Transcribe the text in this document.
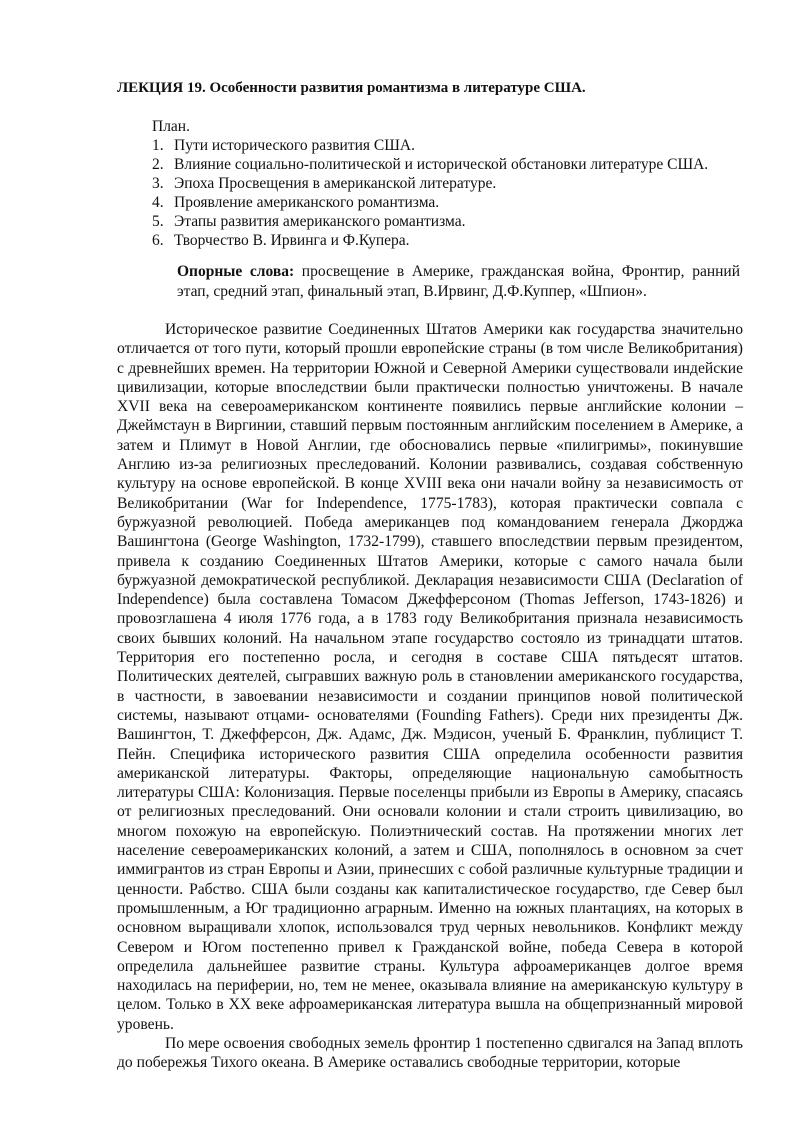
ЛЕКЦИЯ 19. Особенности развития романтизма в литературе США.

План.

1. Пути исторического развития США.
2. Влияние социально-политической и исторической обстановки литературе США.
3. Эпоха Просвещения в американской литературе.
4. Проявление американского романтизма.
5. Этапы развития американского романтизма.
6. Творчество В. Ирвинга и Ф.Купера.
Опорные слова: просвещение в Америке, гражданская война, Фронтир, ранний этап, средний этап, финальный этап, В.Ирвинг, Д.Ф.Куппер, «Шпион».

Историческое развитие Соединенных Штатов Америки как государства значительно отличается от того пути, который прошли европейские страны (в том числе Великобритания) с древнейших времен. На территории Южной и Северной Америки существовали индейские цивилизации, которые впоследствии были практически полностью уничтожены. В начале XVII века на североамериканском континенте появились первые английские колонии – Джеймстаун в Виргинии, ставший первым постоянным английским поселением в Америке, а затем и Плимут в Новой Англии, где обосновались первые «пилигримы», покинувшие Англию из-за религиозных преследований. Колонии развивались, создавая собственную культуру на основе европейской. В конце XVIII века они начали войну за независимость от Великобритании (War for Independence, 1775-1783), которая практически совпала с буржуазной революцией. Победа американцев под командованием генерала Джорджа Вашингтона (George Washington, 1732-1799), ставшего впоследствии первым президентом, привела к созданию Соединенных Штатов Америки, которые с самого начала были буржуазной демократической республикой. Декларация независимости США (Declaration of Independence) была составлена Томасом Джефферсоном (Thomas Jefferson, 1743-1826) и провозглашена 4 июля 1776 года, а в 1783 году Великобритания признала независимость своих бывших колоний. На начальном этапе государство состояло из тринадцати штатов. Территория его постепенно росла, и сегодня в составе США пятьдесят штатов. Политических деятелей, сыгравших важную роль в становлении американского государства, в частности, в завоевании независимости и создании принципов новой политической системы, называют отцами- основателями (Founding Fathers). Среди них президенты Дж. Вашингтон, Т. Джефферсон, Дж. Адамс, Дж. Мэдисон, ученый Б. Франклин, публицист Т. Пейн. Специфика исторического развития США определила особенности развития американской литературы. Факторы, определяющие национальную самобытность литературы США: Колонизация. Первые поселенцы прибыли из Европы в Америку, спасаясь от религиозных преследований. Они основали колонии и стали строить цивилизацию, во многом похожую на европейскую. Полиэтнический состав. На протяжении многих лет население североамериканских колоний, а затем и США, пополнялось в основном за счет иммигрантов из стран Европы и Азии, принесших с собой различные культурные традиции и ценности. Рабство. США были созданы как капиталистическое государство, где Север был промышленным, а Юг традиционно аграрным. Именно на южных плантациях, на которых в основном выращивали хлопок, использовался труд черных невольников. Конфликт между Севером и Югом постепенно привел к Гражданской войне, победа Севера в которой определила дальнейшее развитие страны. Культура афроамериканцев долгое время находилась на периферии, но, тем не менее, оказывала влияние на американскую культуру в целом. Только в XX веке афроамериканская литература вышла на общепризнанный мировой уровень.

По мере освоения свободных земель фронтир 1 постепенно сдвигался на Запад вплоть до побережья Тихого океана. В Америке оставались свободные территории, которые
